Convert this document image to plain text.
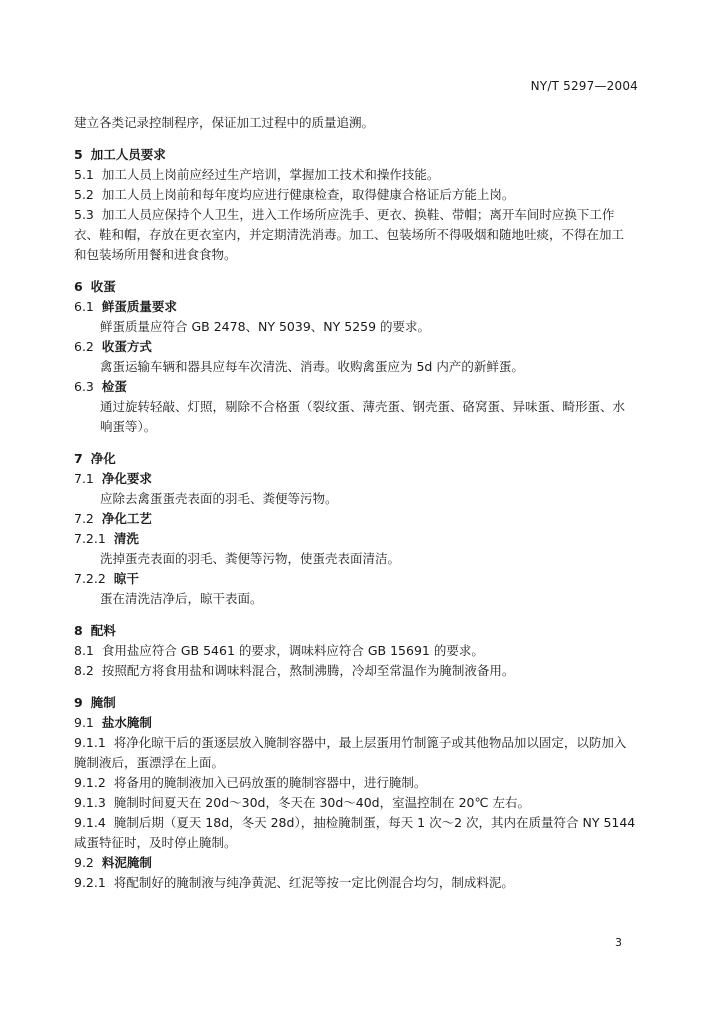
NY/T 5297—2004

建立各类记录控制程序，保证加工过程中的质量追溯。

5 加工人员要求

5.1 加工人员上岗前应经过生产培训，掌握加工技术和操作技能。

5.2 加工人员上岗前和每年度均应进行健康检查，取得健康合格证后方能上岗。

5.3 加工人员应保持个人卫生，进入工作场所应洗手、更衣、换鞋、带帽；离开车间时应换下工作衣、鞋和帽，存放在更衣室内，并定期清洗消毒。加工、包装场所不得吸烟和随地吐痰，不得在加工和包装场所用餐和进食食物。

6 收蛋

6.1 鲜蛋质量要求

鲜蛋质量应符合 GB 2478、NY 5039、NY 5259 的要求。

6.2 收蛋方式

禽蛋运输车辆和器具应每车次清洗、消毒。收购禽蛋应为 5d 内产的新鲜蛋。

6.3 检蛋

通过旋转轻敲、灯照，剔除不合格蛋（裂纹蛋、薄壳蛋、钢壳蛋、硌窝蛋、异味蛋、畸形蛋、水响蛋等）。

7 净化

7.1 净化要求

应除去禽蛋蛋壳表面的羽毛、粪便等污物。

7.2 净化工艺

7.2.1 清洗

洗掉蛋壳表面的羽毛、粪便等污物，使蛋壳表面清洁。

7.2.2 晾干

蛋在清洗洁净后，晾干表面。

8 配料

8.1 食用盐应符合 GB 5461 的要求，调味料应符合 GB 15691 的要求。

8.2 按照配方将食用盐和调味料混合，熬制沸腾，冷却至常温作为腌制液备用。

9 腌制

9.1 盐水腌制

9.1.1 将净化晾干后的蛋逐层放入腌制容器中，最上层蛋用竹制篦子或其他物品加以固定，以防加入腌制液后，蛋漂浮在上面。

9.1.2 将备用的腌制液加入已码放蛋的腌制容器中，进行腌制。

9.1.3 腌制时间夏天在 20d～30d，冬天在 30d～40d，室温控制在 20℃ 左右。

9.1.4 腌制后期（夏天 18d，冬天 28d），抽检腌制蛋，每天 1 次～2 次，其内在质量符合 NY 5144 咸蛋特征时，及时停止腌制。

9.2 料泥腌制

9.2.1 将配制好的腌制液与纯净黄泥、红泥等按一定比例混合均匀，制成料泥。

3
